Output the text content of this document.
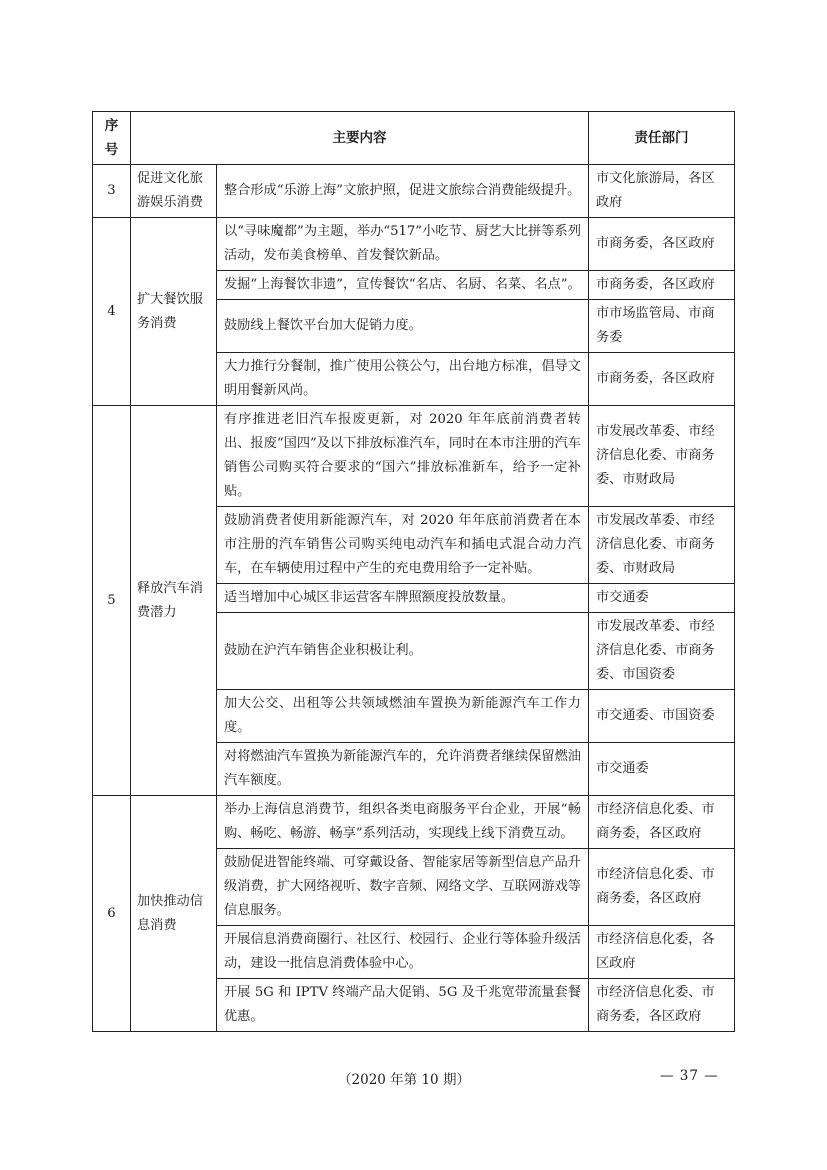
序号	主要内容		责任部门
3	促进文化旅游娱乐消费	整合形成“乐游上海”文旅护照，促进文旅综合消费能级提升。	市文化旅游局，各区政府
4	扩大餐饮服务消费	以“寻味魔都”为主题，举办“517”小吃节、厨艺大比拼等系列活动，发布美食榜单、首发餐饮新品。	市商务委，各区政府
		发掘“上海餐饮非遗”，宣传餐饮“名店、名厨、名菜、名点”。	市商务委，各区政府
		鼓励线上餐饮平台加大促销力度。	市市场监管局、市商务委
		大力推行分餐制，推广使用公筷公勺，出台地方标准，倡导文明用餐新风尚。	市商务委，各区政府
5	释放汽车消费潜力	有序推进老旧汽车报废更新，对 2020 年年底前消费者转出、报废“国四”及以下排放标准汽车，同时在本市注册的汽车销售公司购买符合要求的“国六”排放标准新车，给予一定补贴。	市发展改革委、市经济信息化委、市商务委、市财政局
		鼓励消费者使用新能源汽车，对 2020 年年底前消费者在本市注册的汽车销售公司购买纯电动汽车和插电式混合动力汽车，在车辆使用过程中产生的充电费用给予一定补贴。	市发展改革委、市经济信息化委、市商务委、市财政局
		适当增加中心城区非运营客车牌照额度投放数量。	市交通委
		鼓励在沪汽车销售企业积极让利。	市发展改革委、市经济信息化委、市商务委、市国资委
		加大公交、出租等公共领域燃油车置换为新能源汽车工作力度。	市交通委、市国资委
		对将燃油汽车置换为新能源汽车的，允许消费者继续保留燃油汽车额度。	市交通委
6	加快推动信息消费	举办上海信息消费节，组织各类电商服务平台企业，开展“畅购、畅吃、畅游、畅享”系列活动，实现线上线下消费互动。	市经济信息化委、市商务委，各区政府
		鼓励促进智能终端、可穿戴设备、智能家居等新型信息产品升级消费，扩大网络视听、数字音频、网络文学、互联网游戏等信息服务。	市经济信息化委、市商务委，各区政府
		开展信息消费商圈行、社区行、校园行、企业行等体验升级活动，建设一批信息消费体验中心。	市经济信息化委，各区政府
		开展 5G 和 IPTV 终端产品大促销、5G 及千兆宽带流量套餐优惠。	市经济信息化委、市商务委，各区政府
（2020 年第 10 期）	— 37 —
